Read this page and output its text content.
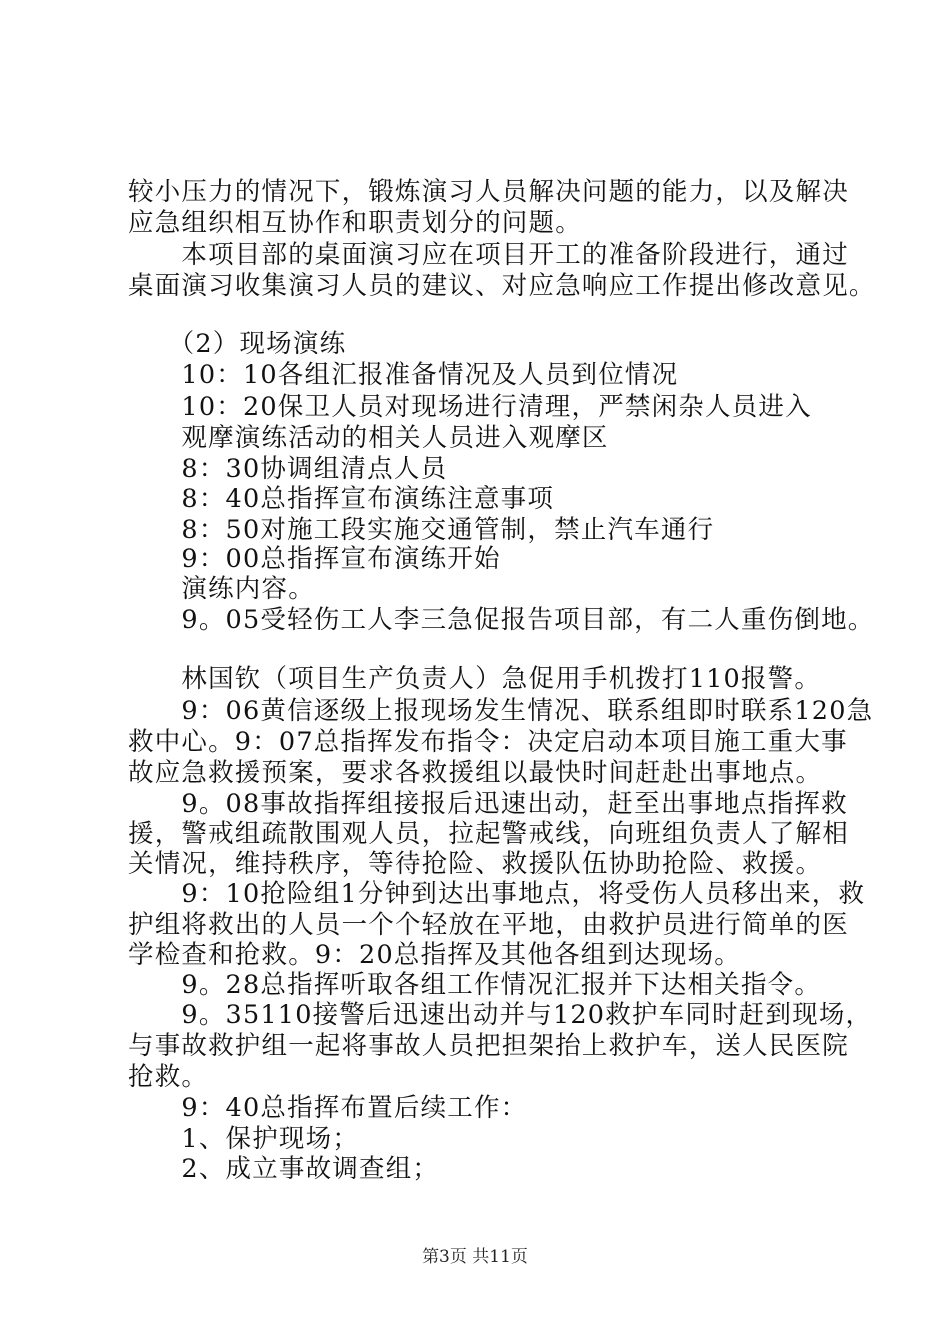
较小压力的情况下，锻炼演习人员解决问题的能力，以及解决
应急组织相互协作和职责划分的问题。
　　本项目部的桌面演习应在项目开工的准备阶段进行，通过
桌面演习收集演习人员的建议、对应急响应工作提出修改意见。
　　（2）现场演练
　　10：10各组汇报准备情况及人员到位情况
　　10：20保卫人员对现场进行清理，严禁闲杂人员进入
　　观摩演练活动的相关人员进入观摩区
　　8：30协调组清点人员
　　8：40总指挥宣布演练注意事项
　　8：50对施工段实施交通管制，禁止汽车通行
　　9：00总指挥宣布演练开始
　　演练内容。
　　9。05受轻伤工人李三急促报告项目部，有二人重伤倒地。
　　林国钦（项目生产负责人）急促用手机拨打110报警。
　　9：06黄信逐级上报现场发生情况、联系组即时联系120急
救中心。9：07总指挥发布指令：决定启动本项目施工重大事
故应急救援预案，要求各救援组以最快时间赶赴出事地点。
　　9。08事故指挥组接报后迅速出动，赶至出事地点指挥救
援，警戒组疏散围观人员，拉起警戒线，向班组负责人了解相
关情况，维持秩序，等待抢险、救援队伍协助抢险、救援。
　　9：10抢险组1分钟到达出事地点，将受伤人员移出来，救
护组将救出的人员一个个轻放在平地，由救护员进行简单的医
学检查和抢救。9：20总指挥及其他各组到达现场。
　　9。28总指挥听取各组工作情况汇报并下达相关指令。
　　9。35110接警后迅速出动并与120救护车同时赶到现场，
与事故救护组一起将事故人员把担架抬上救护车，送人民医院
抢救。
　　9：40总指挥布置后续工作：
　　1、保护现场；
　　2、成立事故调查组；
第3页 共11页
